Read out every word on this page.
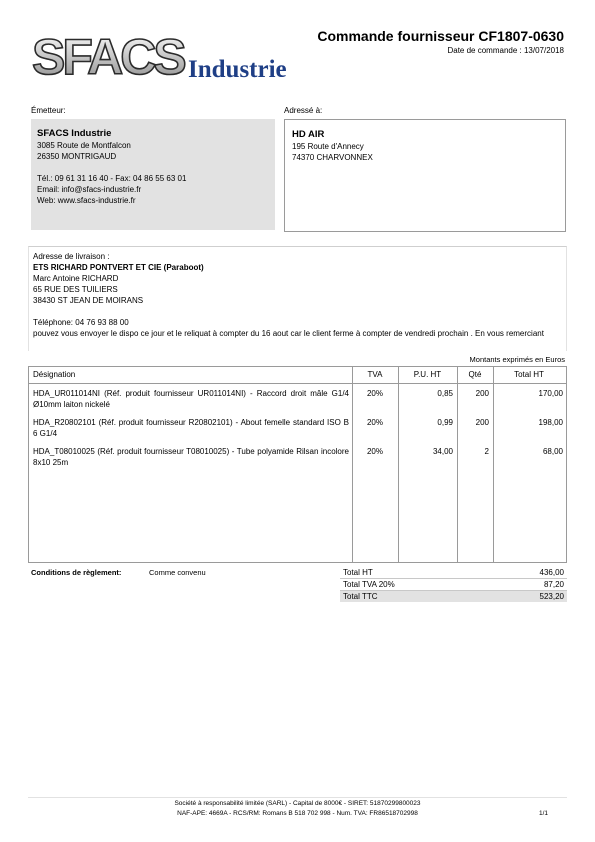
SFACS Industrie
Commande fournisseur CF1807-0630
Date de commande : 13/07/2018
Émetteur:	Adressé à:
SFACS Industrie
3085 Route de Montfalcon
26350 MONTRIGAUD
Tél.: 09 61 31 16 40 - Fax: 04 86 55 63 01
Email: info@sfacs-industrie.fr
Web: www.sfacs-industrie.fr
HD AIR
195 Route d'Annecy
74370 CHARVONNEX
Adresse de livraison :
ETS RICHARD PONTVERT ET CIE (Paraboot)
Marc Antoine RICHARD
65 RUE DES TUILIERS
38430 ST JEAN DE MOIRANS
Téléphone: 04 76 93 88 00
pouvez vous envoyer le dispo ce jour et le reliquat à compter du 16 aout car le client ferme à compter de vendredi prochain . En vous remerciant
Montants exprimés en Euros
Désignation	TVA	P.U. HT	Qté	Total HT
HDA_UR011014NI (Réf. produit fournisseur UR011014NI) - Raccord droit mâle G1/4 Ø10mm laiton nickelé
20%	0,85	200	170,00
HDA_R20802101 (Réf. produit fournisseur R20802101) - About femelle standard ISO B 6 G1/4
20%	0,99	200	198,00
HDA_T08010025 (Réf. produit fournisseur T08010025) - Tube polyamide Rilsan incolore 8x10 25m
20%	34,00	2	68,00
Conditions de règlement:	Comme convenu	Total HT	436,00
Total TVA 20%	87,20
Total TTC	523,20
Société à responsabilité limitée (SARL) - Capital de 8000€ - SIRET: 51870299800023
NAF-APE: 4669A - RCS/RM: Romans B 518 702 998 - Num. TVA: FR86518702998	1/1
